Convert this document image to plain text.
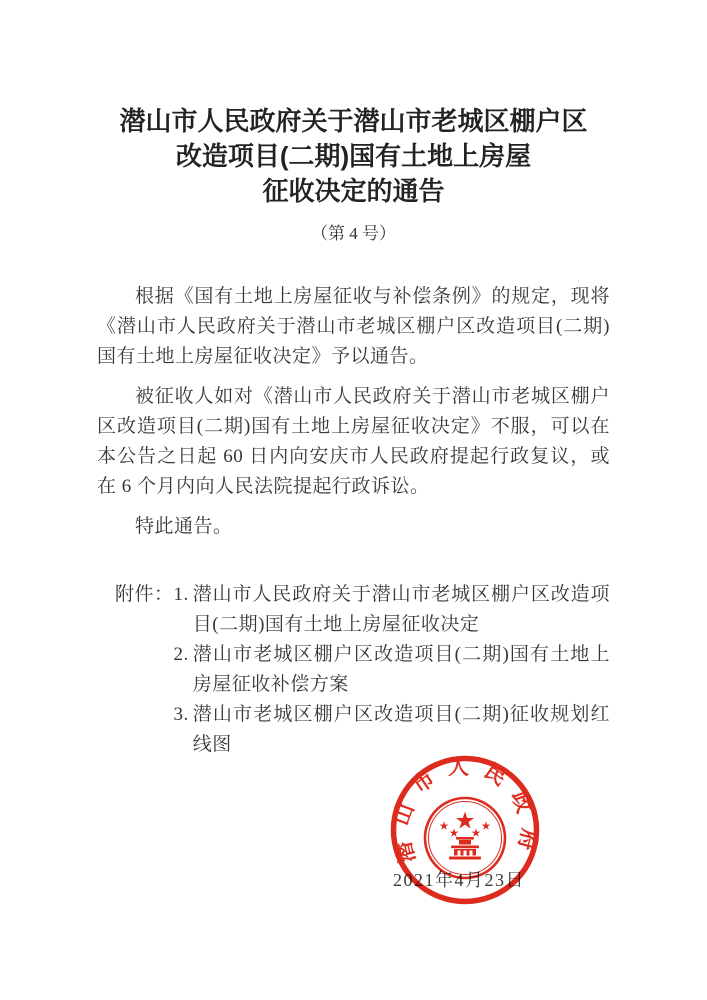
潜山市人民政府关于潜山市老城区棚户区
改造项目(二期)国有土地上房屋
征收决定的通告
（第 4 号）

根据《国有土地上房屋征收与补偿条例》的规定，现将《潜山市人民政府关于潜山市老城区棚户区改造项目(二期)国有土地上房屋征收决定》予以通告。

被征收人如对《潜山市人民政府关于潜山市老城区棚户区改造项目(二期)国有土地上房屋征收决定》不服，可以在本公告之日起 60 日内向安庆市人民政府提起行政复议，或在 6 个月内向人民法院提起行政诉讼。

特此通告。

附件： 1. 潜山市人民政府关于潜山市老城区棚户区改造项目(二期)国有土地上房屋征收决定
2. 潜山市老城区棚户区改造项目(二期)国有土地上房屋征收补偿方案
3. 潜山市老城区棚户区改造项目(二期)征收规划红线图
2021年4月23日
潜山市人民政府
